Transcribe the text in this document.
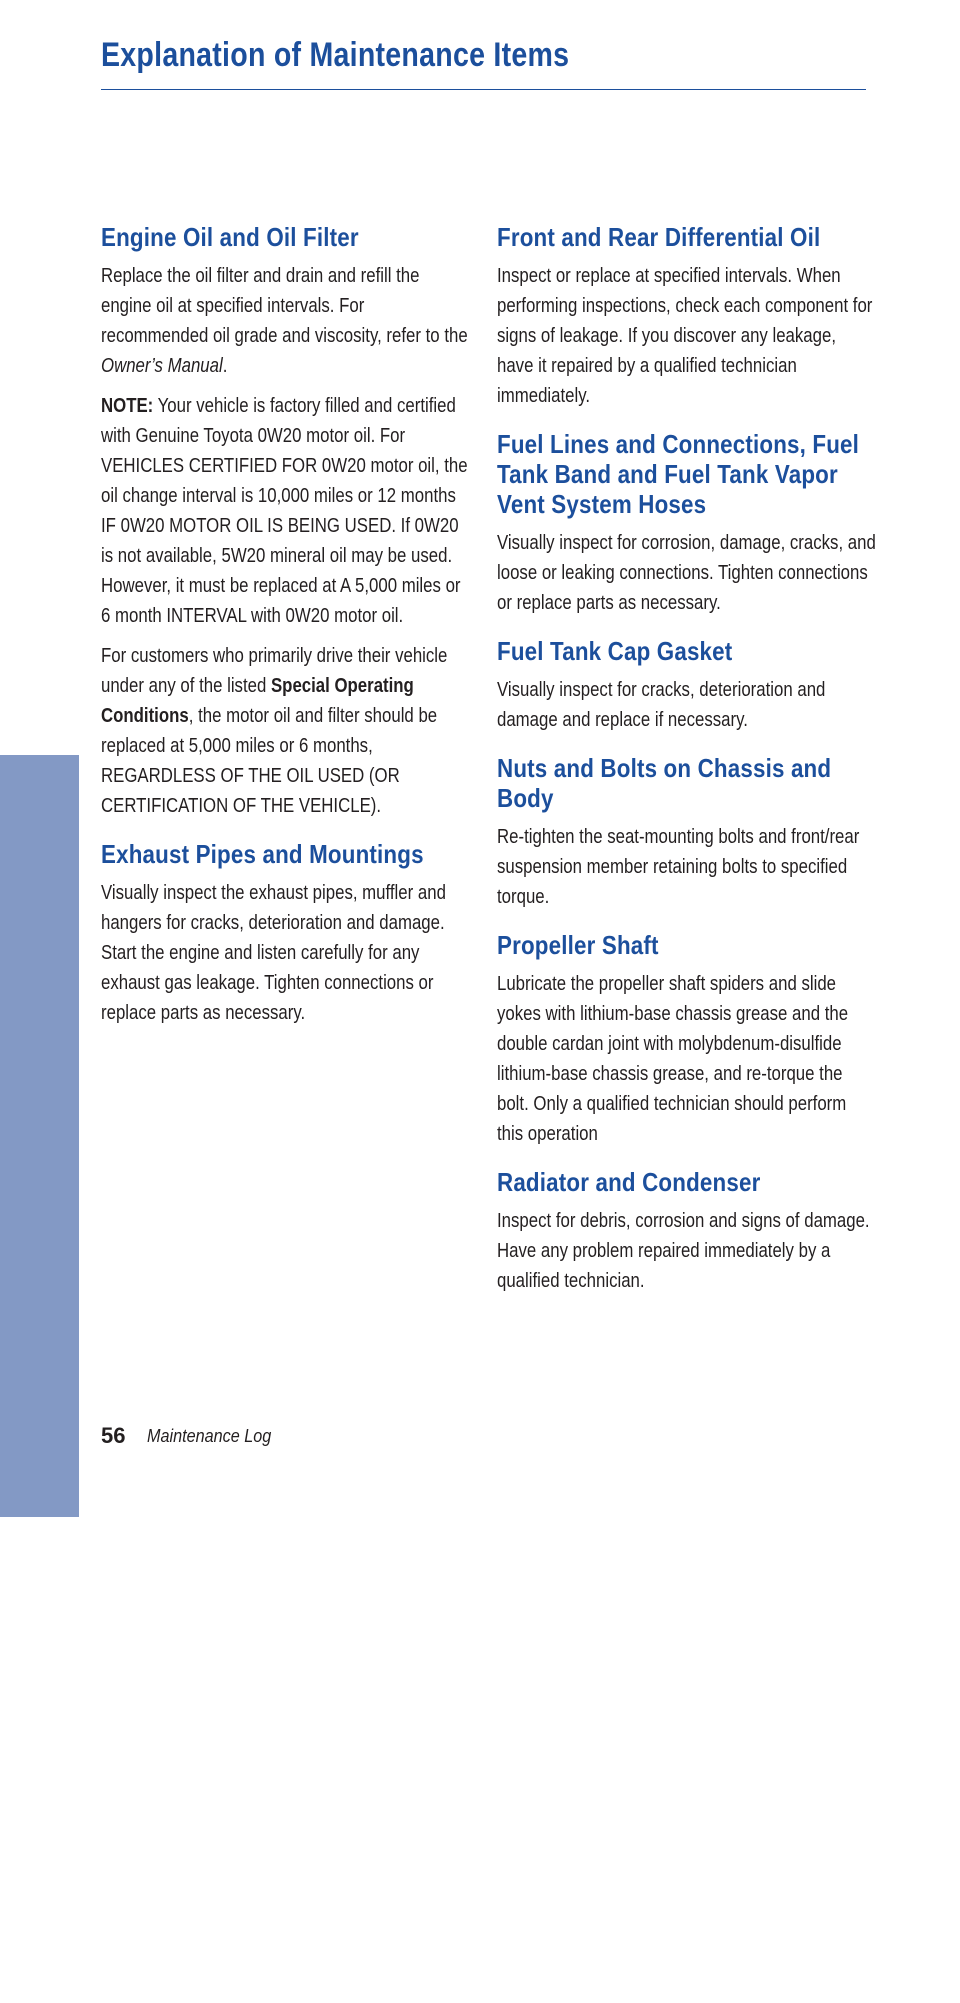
Explanation of Maintenance Items
MAINTENANCE
Engine Oil and Oil Filter

Replace the oil filter and drain and refill the engine oil at specified intervals. For recommended oil grade and viscosity, refer to the Owner’s Manual.

NOTE: Your vehicle is factory filled and certified with Genuine Toyota 0W20 motor oil. For VEHICLES CERTIFIED FOR 0W20 motor oil, the oil change interval is 10,000 miles or 12 months IF 0W20 MOTOR OIL IS BEING USED. If 0W20 is not available, 5W20 mineral oil may be used. However, it must be replaced at A 5,000 miles or 6 month INTERVAL with 0W20 motor oil.

For customers who primarily drive their vehicle under any of the listed Special Operating Conditions, the motor oil and filter should be replaced at 5,000 miles or 6 months, REGARDLESS OF THE OIL USED (OR CERTIFICATION OF THE VEHICLE).

Exhaust Pipes and Mountings

Visually inspect the exhaust pipes, muffler and hangers for cracks, deterioration and damage. Start the engine and listen carefully for any exhaust gas leakage. Tighten connections or replace parts as necessary.

Front and Rear Differential Oil

Inspect or replace at specified intervals. When performing inspections, check each component for signs of leakage. If you discover any leakage, have it repaired by a qualified technician immediately.

Fuel Lines and Connections, Fuel Tank Band and Fuel Tank Vapor Vent System Hoses

Visually inspect for corrosion, damage, cracks, and loose or leaking connections. Tighten connections or replace parts as necessary.

Fuel Tank Cap Gasket

Visually inspect for cracks, deterioration and damage and replace if necessary.

Nuts and Bolts on Chassis and Body

Re-tighten the seat-mounting bolts and front/rear suspension member retaining bolts to specified torque.

Propeller Shaft

Lubricate the propeller shaft spiders and slide yokes with lithium-base chassis grease and the double cardan joint with molybdenum-disulfide lithium-base chassis grease, and re-torque the bolt. Only a qualified technician should perform this operation

Radiator and Condenser

Inspect for debris, corrosion and signs of damage. Have any problem repaired immediately by a qualified technician.

56 Maintenance Log
